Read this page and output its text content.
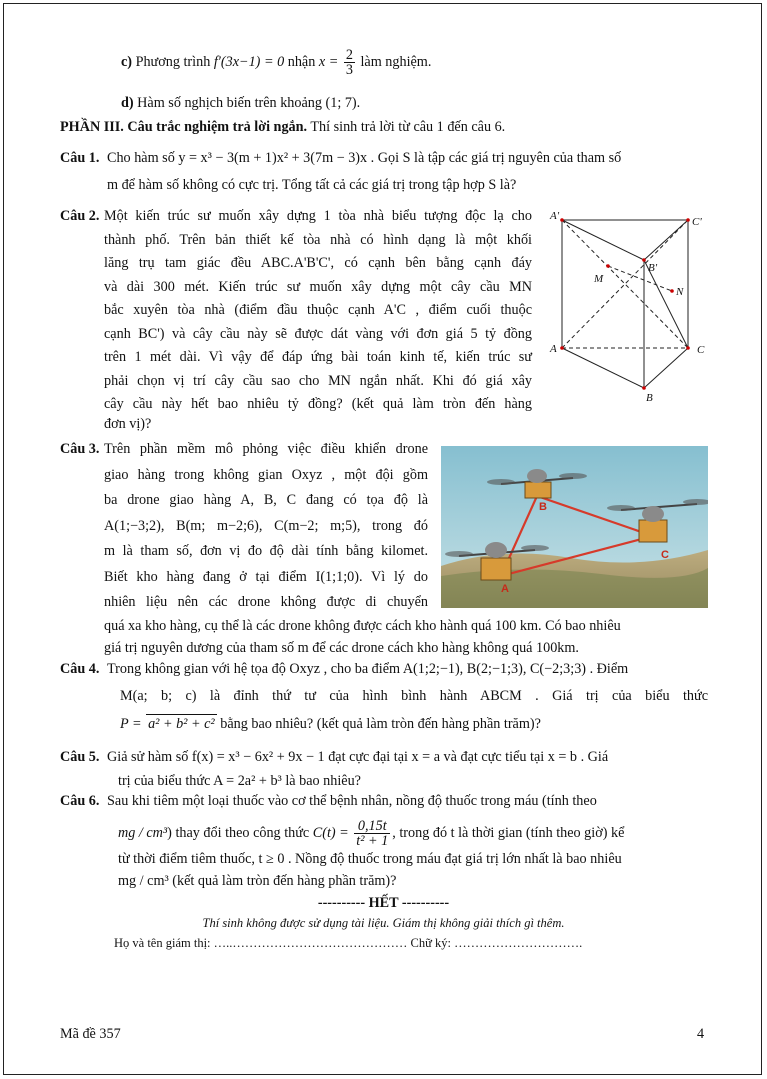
c) Phương trình f′(3x−1) = 0 nhận $x = \frac{2}{3}$ làm nghiệm.
d) Hàm số nghịch biến trên khoảng (1; 7).
PHẦN III. Câu trắc nghiệm trả lời ngắn. Thí sinh trả lời từ câu 1 đến câu 6.
Câu 1. Cho hàm số y = x³ − 3(m + 1)x² + 3(7m − 3)x . Gọi S là tập các giá trị nguyên của tham số
m để hàm số không có cực trị. Tổng tất cả các giá trị trong tập hợp S là?
Câu 2. Một kiến trúc sư muốn xây dựng 1 tòa nhà biểu tượng độc lạ cho
thành phố. Trên bản thiết kế tòa nhà có hình dạng là một khối
lăng trụ tam giác đều ABC.A'B'C', có cạnh bên bằng cạnh đáy
và dài 300 mét. Kiến trúc sư muốn xây dựng một cây cầu MN
bắc xuyên tòa nhà (điểm đầu thuộc cạnh A'C , điểm cuối thuộc
cạnh BC') và cây cầu này sẽ được dát vàng với đơn giá 5 tỷ đồng
trên 1 mét dài. Vì vậy để đáp ứng bài toán kinh tế, kiến trúc sư
phải chọn vị trí cây cầu sao cho MN ngắn nhất. Khi đó giá xây
cây cầu này hết bao nhiêu tỷ đồng? (kết quả làm tròn đến hàng
đơn vị)?
A'	C'
B'
M
N
A	C
B
Câu 3. Trên phần mềm mô phỏng việc điều khiển drone
giao hàng trong không gian Oxyz , một đội gồm
ba drone giao hàng A, B, C đang có tọa độ là
A(1;−3;2), B(m; m−2;6), C(m−2; m;5), trong đó
m là tham số, đơn vị đo độ dài tính bằng kilomet.
Biết kho hàng đang ở tại điểm I(1;1;0). Vì lý do
nhiên liệu nên các drone không được di chuyển
quá xa kho hàng, cụ thể là các drone không được cách kho hành quá 100 km. Có bao nhiêu
giá trị nguyên dương của tham số m để các drone cách kho hàng không quá 100km.
A
B
C
Câu 4. Trong không gian với hệ tọa độ Oxyz , cho ba điểm A(1;2;−1), B(2;−1;3), C(−2;3;3) . Điểm
M(a; b; c) là đỉnh thứ tư của hình bình hành ABCM . Giá trị của biểu thức
P = a² + b² + c² bằng bao nhiêu? (kết quả làm tròn đến hàng phần trăm)?
Câu 5. Giả sử hàm số f(x) = x³ − 6x² + 9x − 1 đạt cực đại tại x = a và đạt cực tiểu tại x = b . Giá
trị của biểu thức A = 2a² + b³ là bao nhiêu?
Câu 6. Sau khi tiêm một loại thuốc vào cơ thể bệnh nhân, nồng độ thuốc trong máu (tính theo
mg / cm³) thay đổi theo công thức $C(t) = \frac{0,15t}{\text{t² + 1}}$ , trong đó t là thời gian (tính theo giờ) kể
từ thời điểm tiêm thuốc, t ≥ 0 . Nồng độ thuốc trong máu đạt giá trị lớn nhất là bao nhiêu
mg / cm³ (kết quả làm tròn đến hàng phần trăm)?
---------- HẾT ----------
Thí sinh không được sử dụng tài liệu. Giám thị không giải thích gì thêm.
Họ và tên giám thị: …..…………………………………… Chữ ký: ………………………….
Mã đề 357	4
